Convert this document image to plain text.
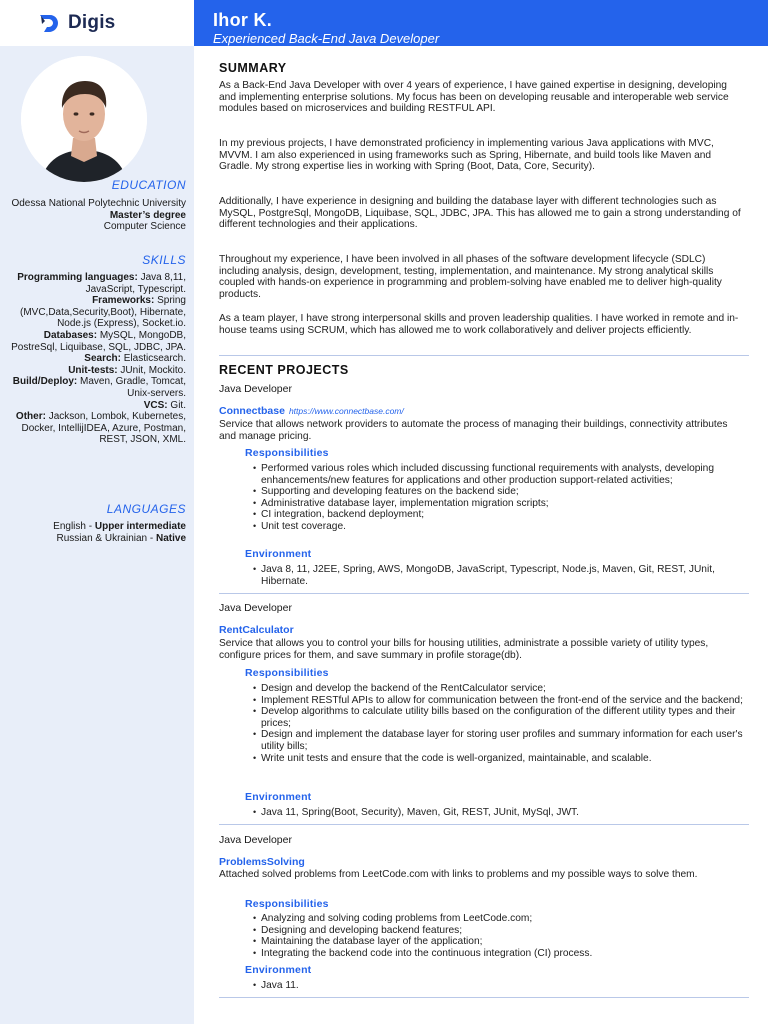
Digis	Ihor K.
Experienced Back-End Java Developer
EDUCATION
Odessa National Polytechnic University
Master’s degree
Computer Science
SKILLS
Programming languages: Java 8,11, JavaScript, Typescript.
Frameworks: Spring (MVC,Data,Security,Boot), Hibernate, Node.js (Express), Socket.io.
Databases: MySQL, MongoDB, PostreSql, Liquibase, SQL, JDBC, JPA.
Search: Elasticsearch.
Unit-tests: JUnit, Mockito.
Build/Deploy: Maven, Gradle, Tomcat, Unix-servers.
VCS: Git.
Other: Jackson, Lombok, Kubernetes, Docker, IntellijIDEA, Azure, Postman, REST, JSON, XML.
LANGUAGES
English - Upper intermediate
Russian & Ukrainian - Native
SUMMARY
As a Back-End Java Developer with over 4 years of experience, I have gained expertise in designing, developing and implementing enterprise solutions. My focus has been on developing reusable and interoperable web service modules based on microservices and building RESTFUL API.
In my previous projects, I have demonstrated proficiency in implementing various Java applications with MVC, MVVM. I am also experienced in using frameworks such as Spring, Hibernate, and build tools like Maven and Gradle. My strong expertise lies in working with Spring (Boot, Data, Core, Security).
Additionally, I have experience in designing and building the database layer with different technologies such as MySQL, PostgreSql, MongoDB, Liquibase, SQL, JDBC, JPA. This has allowed me to gain a strong understanding of different technologies and their applications.
Throughout my experience, I have been involved in all phases of the software development lifecycle (SDLC) including analysis, design, development, testing, implementation, and maintenance. My strong analytical skills coupled with hands-on experience in programming and problem-solving have enabled me to deliver high-quality products.
As a team player, I have strong interpersonal skills and proven leadership qualities. I have worked in remote and in-house teams using SCRUM, which has allowed me to work collaboratively and deliver projects efficiently.
RECENT PROJECTS
Java Developer
Connectbase https://www.connectbase.com/
Service that allows network providers to automate the process of managing their buildings, connectivity attributes and manage pricing.
Responsibilities
• Performed various roles which included discussing functional requirements with analysts, developing enhancements/new features for applications and other production support-related activities;
• Supporting and developing features on the backend side;
• Administrative database layer, implementation migration scripts;
• CI integration, backend deployment;
• Unit test coverage.
Environment
• Java 8, 11, J2EE, Spring, AWS, MongoDB, JavaScript, Typescript, Node.js, Maven, Git, REST, JUnit, Hibernate.
Java Developer
RentCalculator
Service that allows you to control your bills for housing utilities, administrate a possible variety of utility types, configure prices for them, and save summary in profile storage(db).
Responsibilities
• Design and develop the backend of the RentCalculator service;
• Implement RESTful APIs to allow for communication between the front-end of the service and the backend;
• Develop algorithms to calculate utility bills based on the configuration of the different utility types and their prices;
• Design and implement the database layer for storing user profiles and summary information for each user's utility bills;
• Write unit tests and ensure that the code is well-organized, maintainable, and scalable.
Environment
• Java 11, Spring(Boot, Security), Maven, Git, REST, JUnit, MySql, JWT.
Java Developer
ProblemsSolving
Attached solved problems from LeetCode.com with links to problems and my possible ways to solve them.
Responsibilities
• Analyzing and solving coding problems from LeetCode.com;
• Designing and developing backend features;
• Maintaining the database layer of the application;
• Integrating the backend code into the continuous integration (CI) process.
Environment
• Java 11.
